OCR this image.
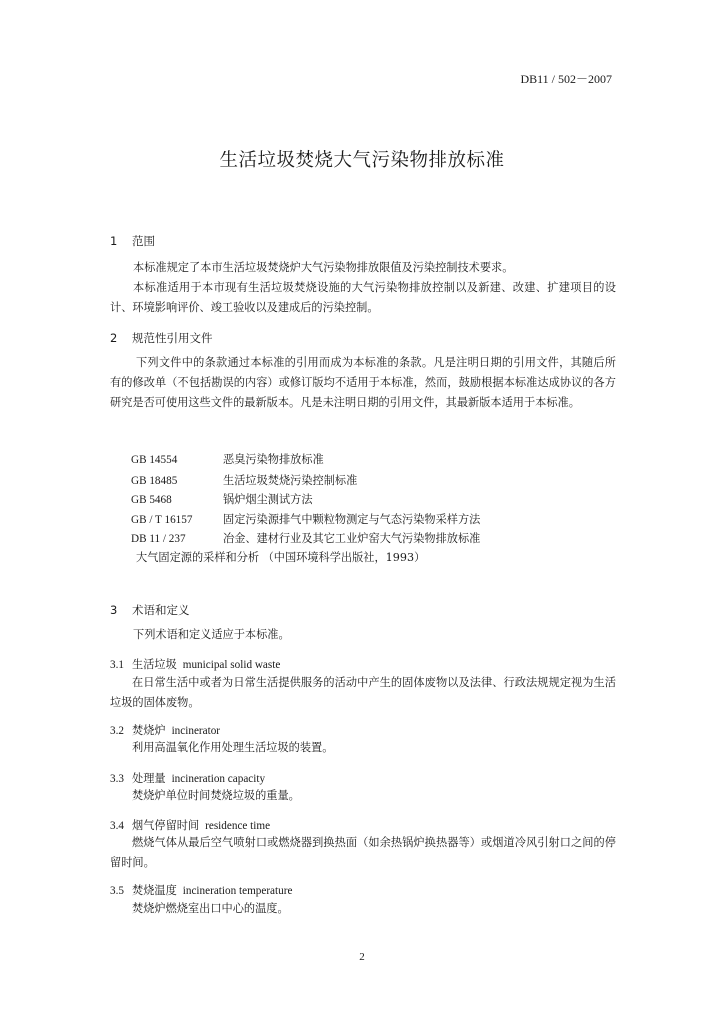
DB11 / 502－2007
生活垃圾焚烧大气污染物排放标准
1 范围
本标准规定了本市生活垃圾焚烧炉大气污染物排放限值及污染控制技术要求。
本标准适用于本市现有生活垃圾焚烧设施的大气污染物排放控制以及新建、改建、扩建项目的设计、环境影响评价、竣工验收以及建成后的污染控制。
2 规范性引用文件
下列文件中的条款通过本标准的引用而成为本标准的条款。凡是注明日期的引用文件，其随后所有的修改单（不包括勘误的内容）或修订版均不适用于本标准，然而，鼓励根据本标准达成协议的各方研究是否可使用这些文件的最新版本。凡是未注明日期的引用文件，其最新版本适用于本标准。
GB 14554	恶臭污染物排放标准
GB 18485	生活垃圾焚烧污染控制标准
GB 5468	锅炉烟尘测试方法
GB / T 16157	固定污染源排气中颗粒物测定与气态污染物采样方法
DB 11 / 237	冶金、建材行业及其它工业炉窑大气污染物排放标准
大气固定源的采样和分析 （中国环境科学出版社，1993）
3 术语和定义
下列术语和定义适应于本标准。
3.1 生活垃圾 municipal solid waste
在日常生活中或者为日常生活提供服务的活动中产生的固体废物以及法律、行政法规规定视为生活垃圾的固体废物。
3.2 焚烧炉 incinerator
利用高温氧化作用处理生活垃圾的装置。
3.3 处理量 incineration capacity
焚烧炉单位时间焚烧垃圾的重量。
3.4 烟气停留时间 residence time
燃烧气体从最后空气喷射口或燃烧器到换热面（如余热锅炉换热器等）或烟道冷风引射口之间的停留时间。
3.5 焚烧温度 incineration temperature
焚烧炉燃烧室出口中心的温度。
2
